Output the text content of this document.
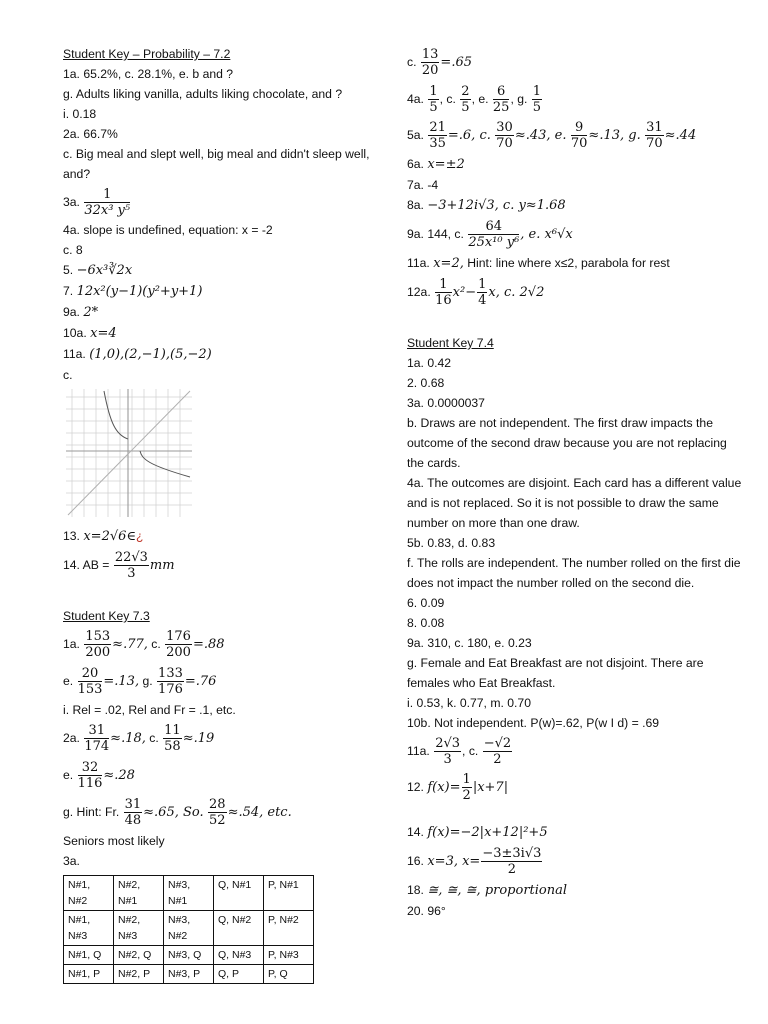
Student Key – Probability – 7.2
1a. 65.2%, c. 28.1%, e. b and ?
g. Adults liking vanilla, adults liking chocolate, and ?
i. 0.18
2a. 66.7%
c. Big meal and slept well, big meal and didn't sleep well, and?
3a. $\frac{1}{\text{32x³ y⁵}}$
4a. slope is undefined, equation: x = -2
c. 8
5. −6x³∛2x
7. 12x²(y−1)(y²+y+1)
9a. 2*
10a. x=4
11a. (1,0),(2,−1),(5,−2)
c.
13. x=2√6∈¿
14. AB = $\frac{22√3}{3}$ mm
Student Key 7.3
1a. $\frac{153}{200} \approx.77$, c. $\frac{176}{200} =.88$
e. $\frac{20}{153} =.13$, g. $\frac{133}{176} =.76$
i. Rel = .02, Rel and Fr = .1, etc.
2a. $\frac{31}{174} \approx.18$, c. $\frac{11}{58} \approx.19$
e. $\frac{32}{116} \approx.28$
g. Hint: Fr. $\frac{31}{48} \approx.65$, So. $\frac{28}{52} \approx.54$, etc.
Seniors most likely
3a.
N#1, N#2	N#2, N#1	N#3, N#1	Q, N#1	P, N#1
N#1, N#3	N#2, N#3	N#3, N#2	Q, N#2	P, N#2
N#1, Q	N#2, Q	N#3, Q	Q, N#3	P, N#3
N#1, P	N#2, P	N#3, P	Q, P	P, Q
c. $\frac{13}{20} =.65$
4a. $\frac{1}{5}$ , c. $\frac{2}{5}$ , e. $\frac{6}{25}$ , g. $\frac{1}{5}$
5a. $\frac{21}{35} =.6$, c. $\frac{30}{70} \approx.43$, e. $\frac{9}{70} \approx.13$, g. $\frac{31}{70} \approx.44$
6a. x=±2
7a. -4
8a. −3+12i√3, c. y≈1.68
9a. 144, c. $\frac{64}{\text{25x¹⁰ y⁶}}$ , e. x⁶√x
11a. x=2, Hint: line where x≤2, parabola for rest
12a. $\frac{1}{16} x^2- \frac{1}{4} x$, c. 2√2
Student Key 7.4
1a. 0.42
2. 0.68
3a. 0.0000037
b. Draws are not independent. The first draw impacts the outcome of the second draw because you are not replacing the cards.
4a. The outcomes are disjoint. Each card has a different value and is not replaced. So it is not possible to draw the same number on more than one draw.
5b. 0.83, d. 0.83
f. The rolls are independent. The number rolled on the first die does not impact the number rolled on the second die.
6. 0.09
8. 0.08
9a. 310, c. 180, e. 0.23
g. Female and Eat Breakfast are not disjoint. There are females who Eat Breakfast.
i. 0.53, k. 0.77, m. 0.70
10b. Not independent. P(w)=.62, P(w I d) = .69
11a. $\frac{2√3}{3}$ , c. $\frac{-√2}{2}$
12. $f(x)= \frac{1}{2} |x+7|$
14. f(x)=−2|x+12|²+5
16. x=3, $x= \frac{-3\pm 3i√3}{2}$
18. ≅, ≅, ≅, proportional
20. 96°
